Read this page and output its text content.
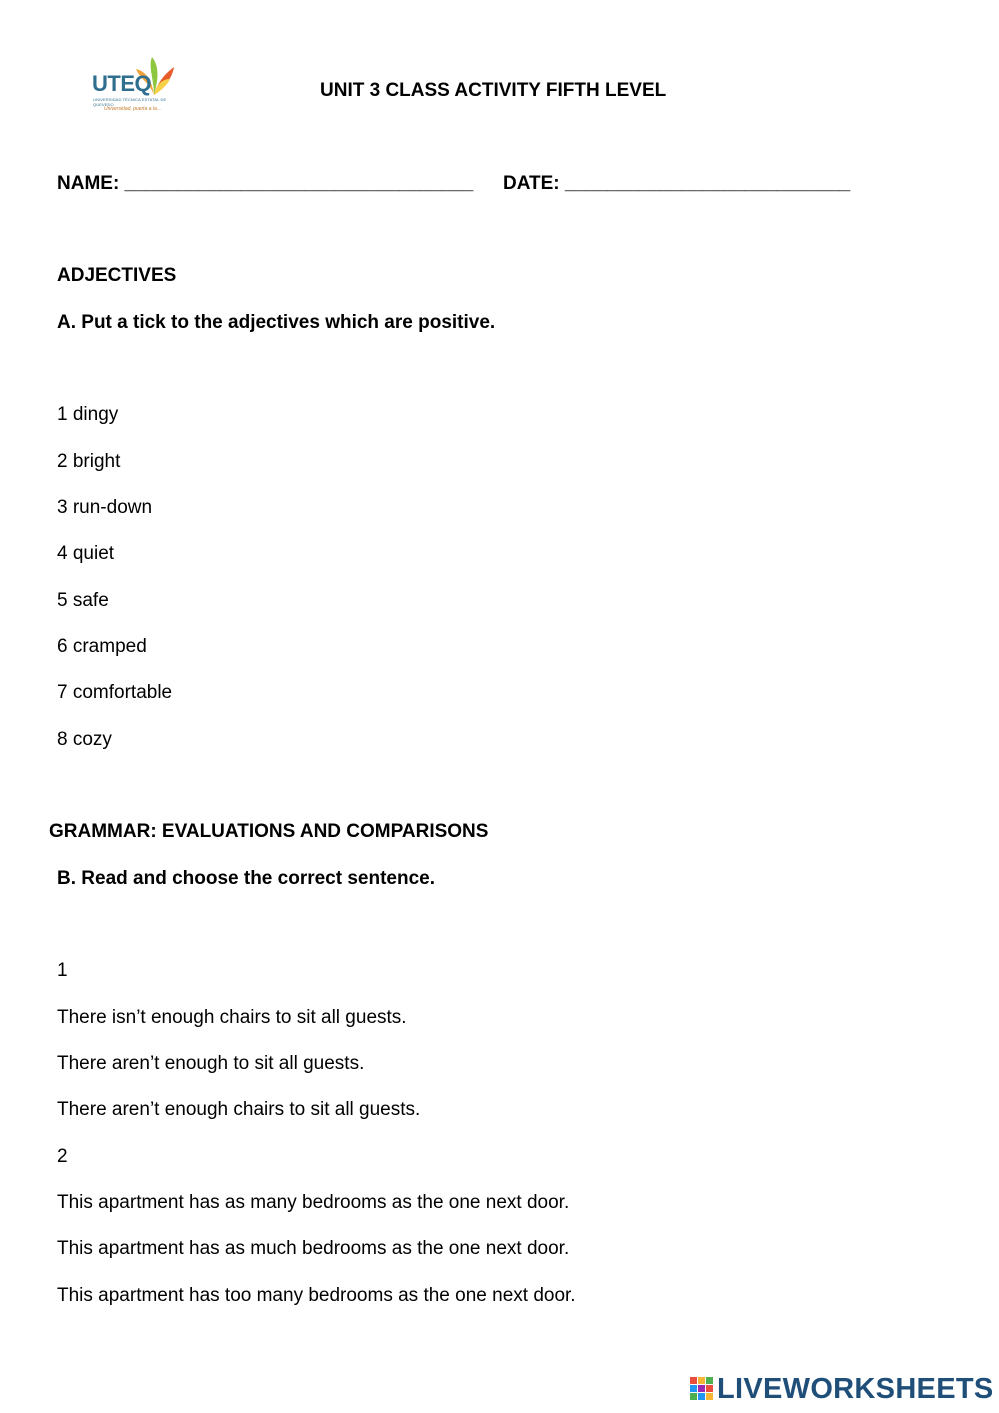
UTEQ
UNIVERSIDAD TÉCNICA ESTATAL DE QUEVEDO
Universidad, puerta a la...
UNIT 3 CLASS ACTIVITY FIFTH LEVEL
NAME: _________________________________ DATE: ___________________________
ADJECTIVES
A. Put a tick to the adjectives which are positive.
1 dingy
2 bright
3 run-down
4 quiet
5 safe
6 cramped
7 comfortable
8 cozy
GRAMMAR: EVALUATIONS AND COMPARISONS
B. Read and choose the correct sentence.
1
There isn’t enough chairs to sit all guests.
There aren’t enough to sit all guests.
There aren’t enough chairs to sit all guests.
2
This apartment has as many bedrooms as the one next door.
This apartment has as much bedrooms as the one next door.
This apartment has too many bedrooms as the one next door.
LIVEWORKSHEETS
